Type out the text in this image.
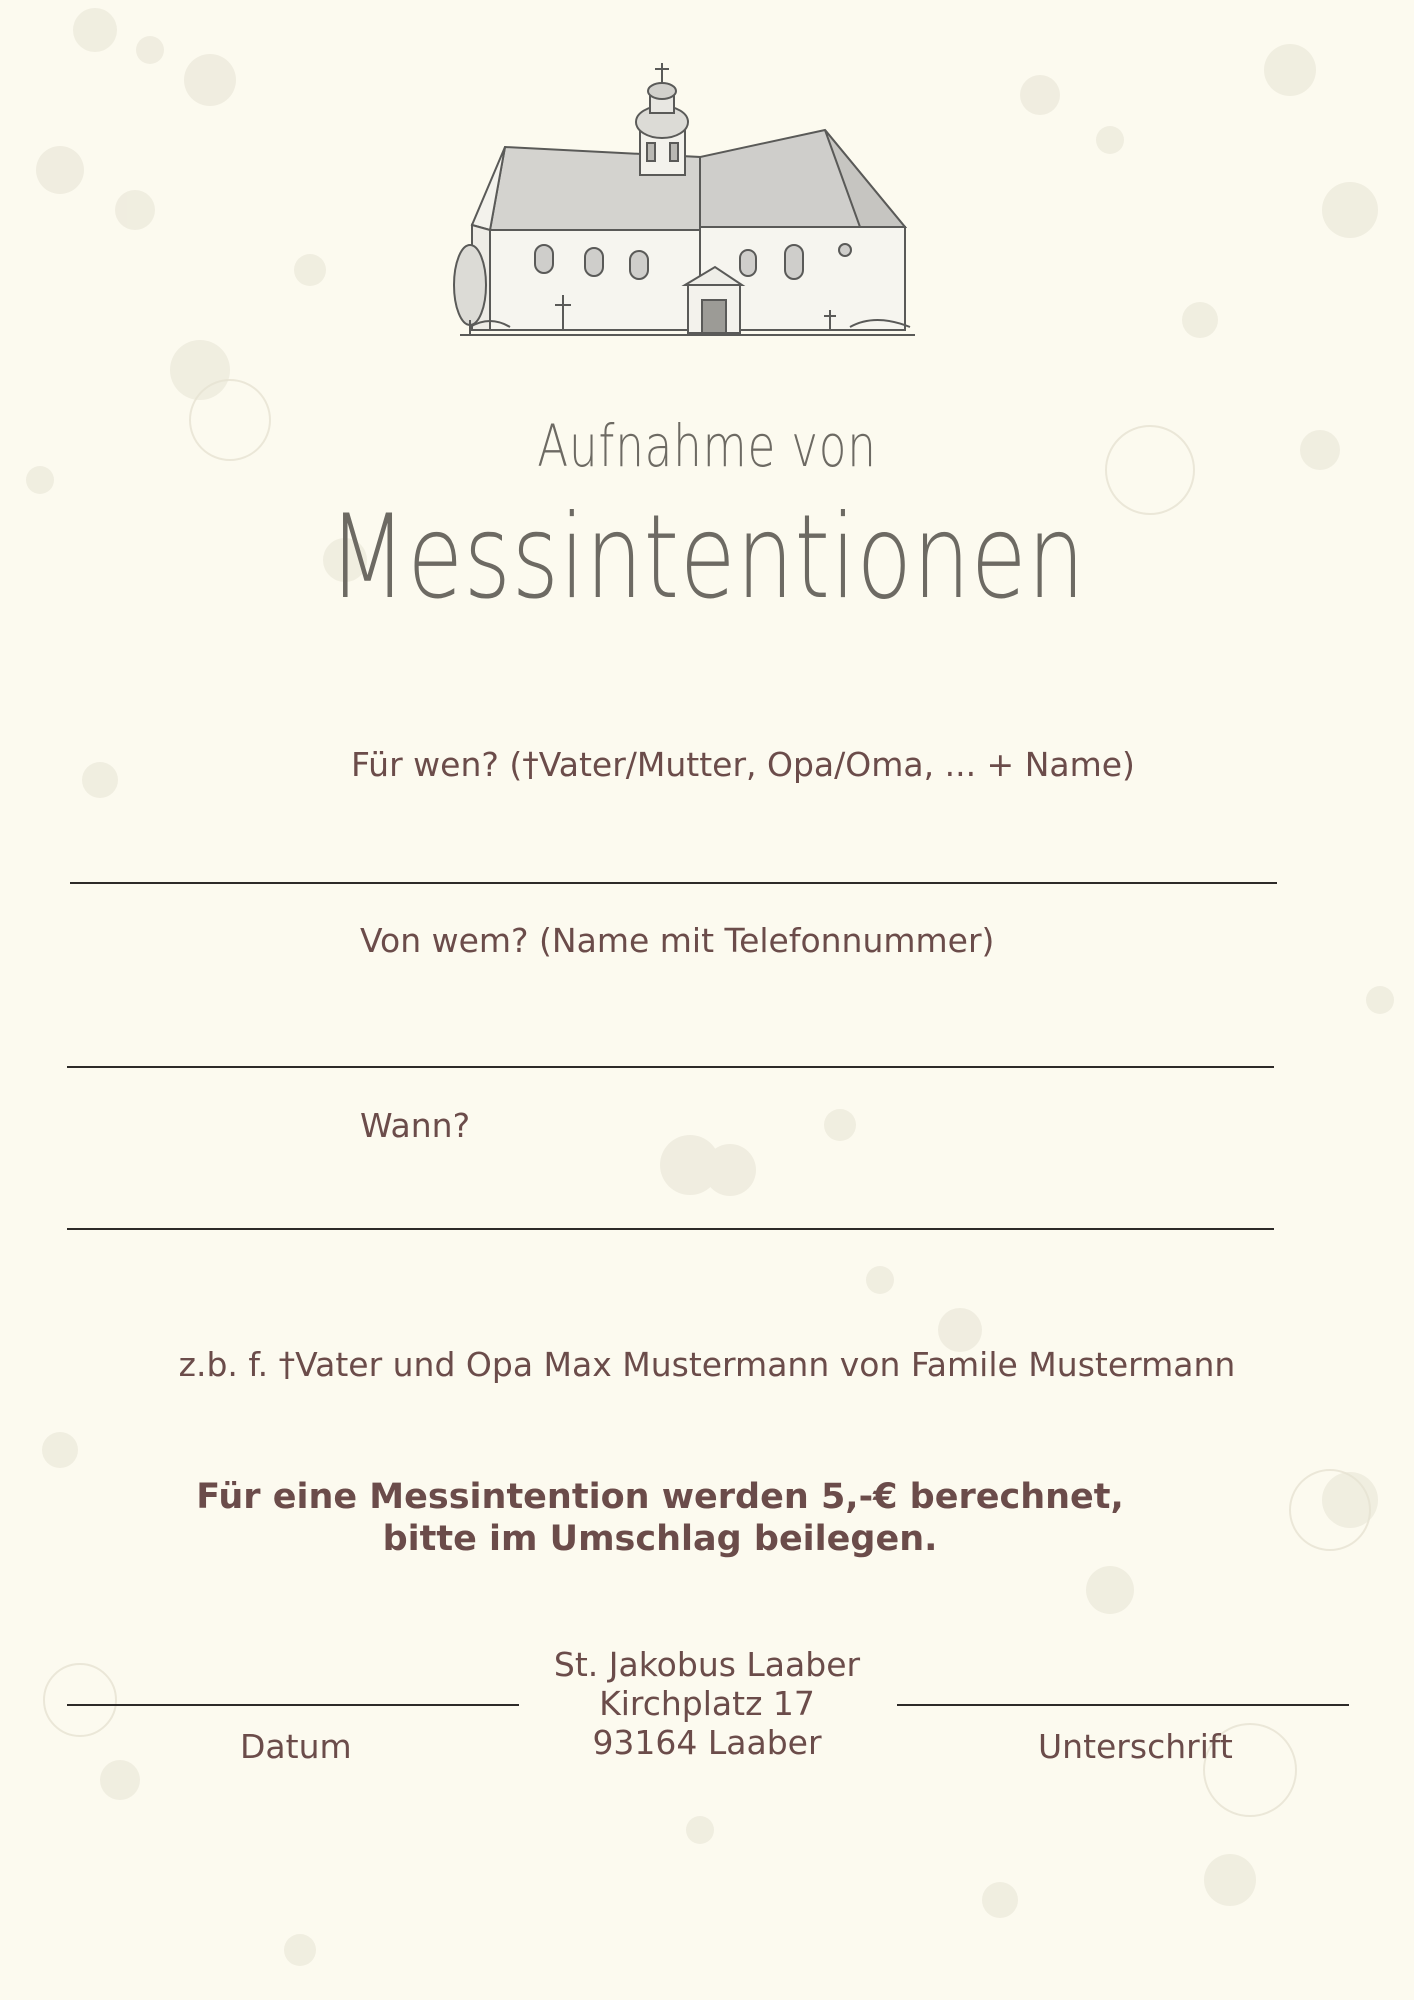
Aufnahme von
Messintentionen
Für wen? (†Vater/Mutter, Opa/Oma, ... + Name)
Von wem? (Name mit Telefonnummer)
Wann?
z.b. f. †Vater und Opa Max Mustermann von Famile Mustermann
Für eine Messintention werden 5,-€ berechnet,
bitte im Umschlag beilegen.
Datum
St. Jakobus Laaber
Kirchplatz 17
93164 Laaber	Unterschrift
